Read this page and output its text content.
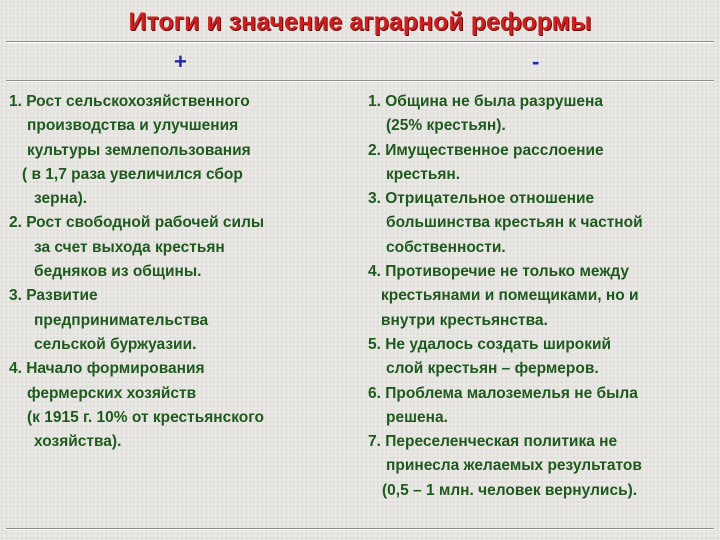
Итоги и значение аграрной реформы
+	-
1. Рост сельскохозяйственного
производства и улучшения
культуры землепользования
( в 1,7 раза увеличился сбор
зерна).
2. Рост свободной рабочей силы
за счет выхода крестьян
бедняков из общины.
3. Развитие
предпринимательства
сельской буржуазии.
4. Начало формирования
фермерских хозяйств
(к 1915 г. 10% от крестьянского
хозяйства).
1. Община не была разрушена
(25% крестьян).
2. Имущественное расслоение
крестьян.
3. Отрицательное отношение
большинства крестьян к частной
собственности.
4. Противоречие не только между
крестьянами и помещиками, но и
внутри крестьянства.
5. Не удалось создать широкий
слой крестьян – фермеров.
6. Проблема малоземелья не была
решена.
7. Переселенческая политика не
принесла желаемых результатов
(0,5 – 1 млн. человек вернулись).
